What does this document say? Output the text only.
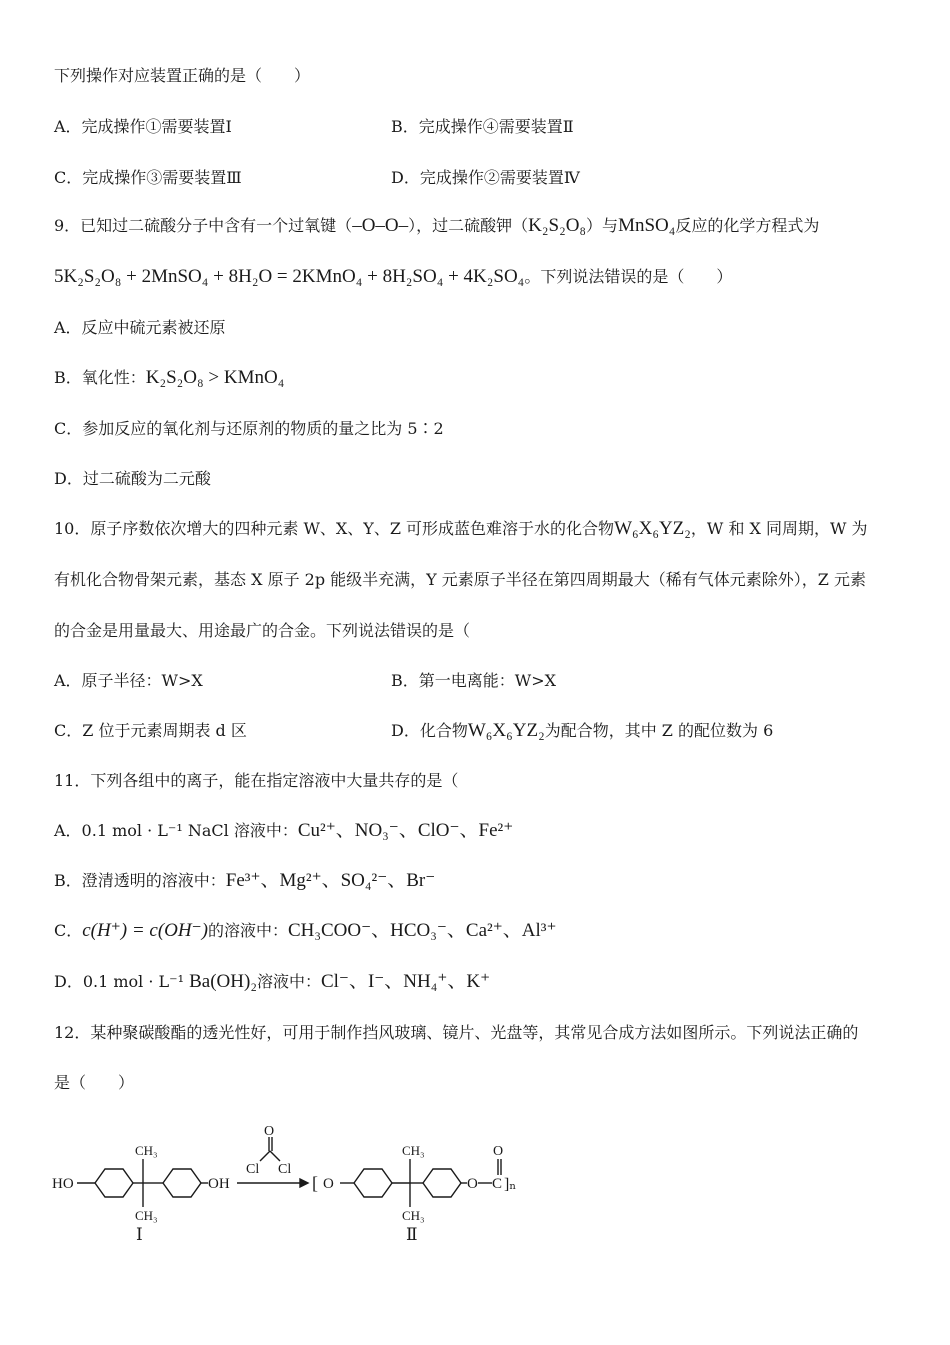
下列操作对应装置正确的是（　　）
A．完成操作①需要装置Ⅰ	B．完成操作④需要装置Ⅱ
C．完成操作③需要装置Ⅲ	D．完成操作②需要装置Ⅳ
9．已知过二硫酸分子中含有一个过氧键（–O–O–），过二硫酸钾（K₂S₂O₈）与MnSO₄反应的化学方程式为
5K₂S₂O₈ + 2MnSO₄ + 8H₂O = 2KMnO₄ + 8H₂SO₄ + 4K₂SO₄。下列说法错误的是（　　）
A．反应中硫元素被还原
B．氧化性：K₂S₂O₈ > KMnO₄
C．参加反应的氧化剂与还原剂的物质的量之比为 5∶2
D．过二硫酸为二元酸
10．原子序数依次增大的四种元素 W、X、Y、Z 可形成蓝色难溶于水的化合物W₆X₆YZ₂，W 和 X 同周期，W 为
有机化合物骨架元素，基态 X 原子 2p 能级半充满，Y 元素原子半径在第四周期最大（稀有气体元素除外），Z 元素
的合金是用量最大、用途最广的合金。下列说法错误的是（
A．原子半径：W>X	B．第一电离能：W>X
C．Z 位于元素周期表 d 区	D．化合物W₆X₆YZ₂为配合物，其中 Z 的配位数为 6
11．下列各组中的离子，能在指定溶液中大量共存的是（
A．0.1 mol · L⁻¹ NaCl 溶液中：Cu²⁺、NO₃⁻、ClO⁻、Fe²⁺
B．澄清透明的溶液中：Fe³⁺、Mg²⁺、SO₄²⁻、Br⁻
C．c(H⁺) = c(OH⁻)的溶液中：CH₃COO⁻、HCO₃⁻、Ca²⁺、Al³⁺
D．0.1 mol · L⁻¹ Ba(OH)₂溶液中：Cl⁻、I⁻、NH₄⁺、K⁺
12．某种聚碳酸酯的透光性好，可用于制作挡风玻璃、镜片、光盘等，其常见合成方法如图所示。下列说法正确的
是（　　）
HO	OH
CH₃
CH₃
O
Cl Cl
[ O
CH₃
CH₃
O
O
C ]ₙ
Ⅰ	Ⅱ
